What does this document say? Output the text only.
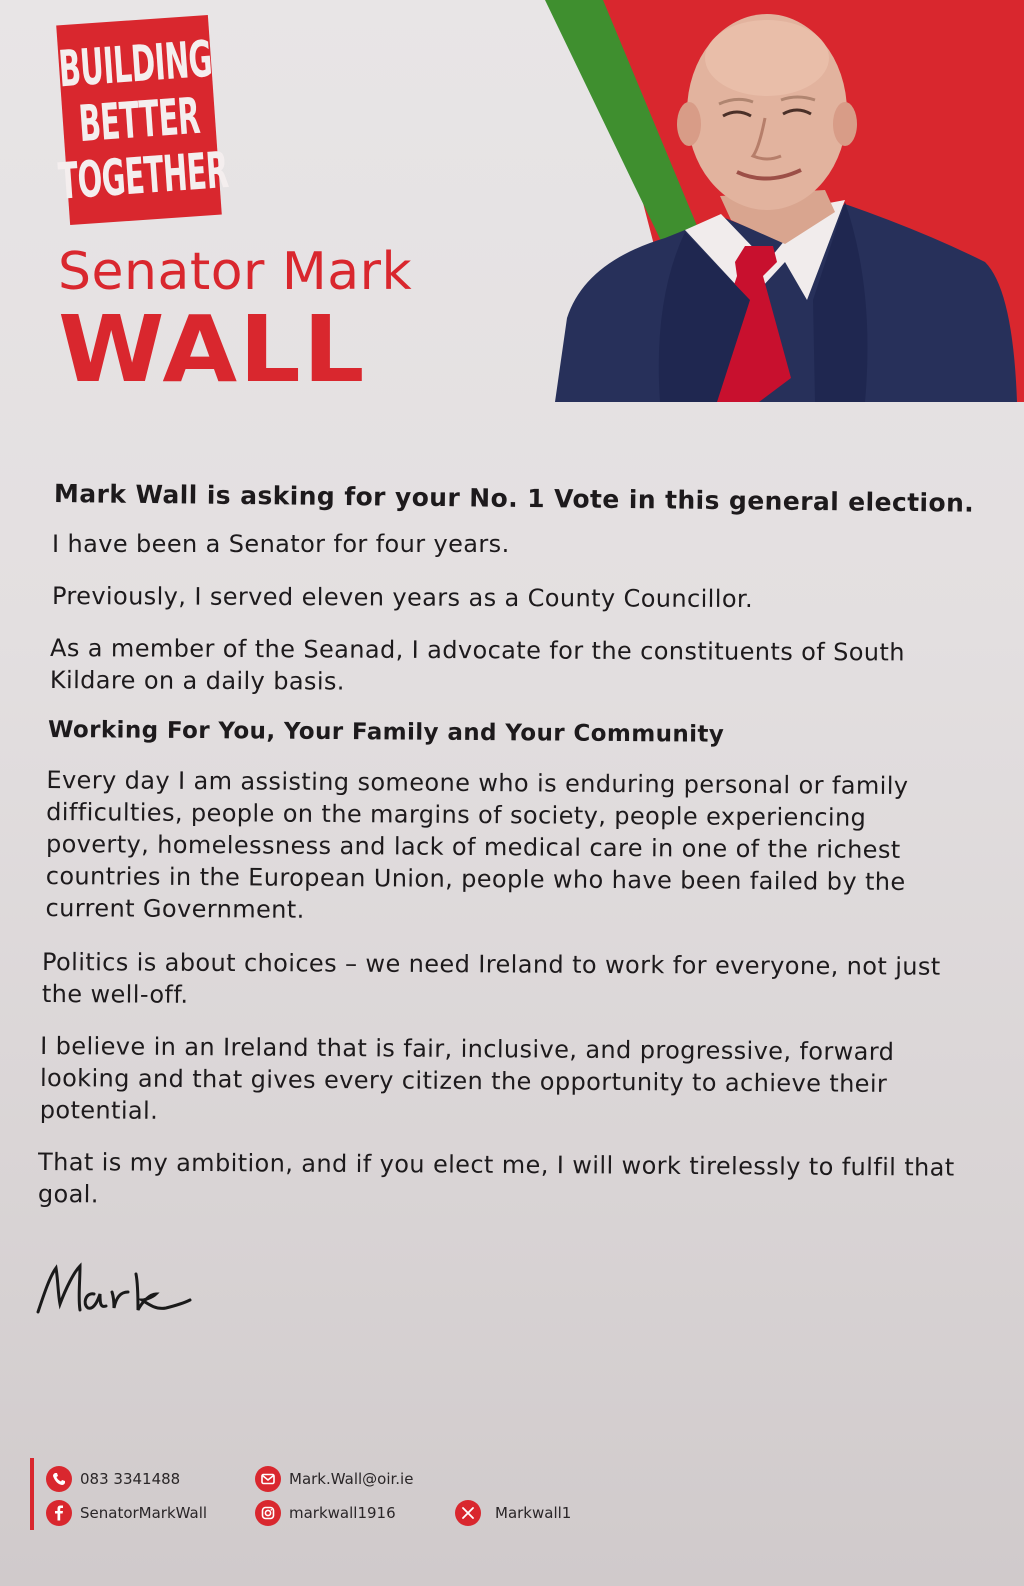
BUILDING
BETTER
TOGETHER
Senator Mark
WALL

Mark Wall is asking for your No. 1 Vote in this general election.

I have been a Senator for four years.

Previously, I served eleven years as a County Councillor.

As a member of the Seanad, I advocate for the constituents of South Kildare on a daily basis.

Working For You, Your Family and Your Community

Every day I am assisting someone who is enduring personal or family difficulties, people on the margins of society, people experiencing poverty, homelessness and lack of medical care in one of the richest countries in the European Union, people who have been failed by the current Government.

Politics is about choices – we need Ireland to work for everyone, not just the well-off.

I believe in an Ireland that is fair, inclusive, and progressive, forward looking and that gives every citizen the opportunity to achieve their potential.

That is my ambition, and if you elect me, I will work tirelessly to fulfil that goal.

083 3341488	Mark.Wall@oir.ie
SenatorMarkWall	markwall1916	Markwall1
